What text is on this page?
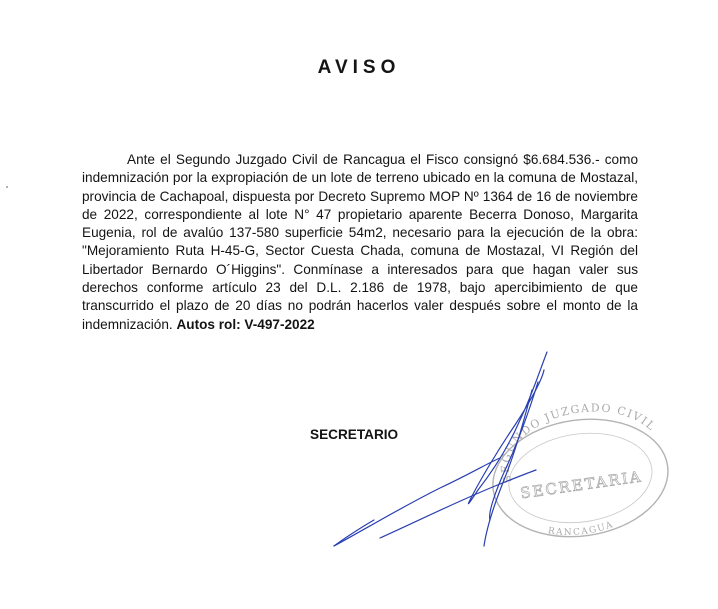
AVISO

Ante el Segundo Juzgado Civil de Rancagua el Fisco consignó $6.684.536.- como indemnización por la expropiación de un lote de terreno ubicado en la comuna de Mostazal, provincia de Cachapoal, dispuesta por Decreto Supremo MOP Nº 1364 de 16 de noviembre de 2022, correspondiente al lote N° 47 propietario aparente Becerra Donoso, Margarita Eugenia, rol de avalúo 137-580 superficie 54m2, necesario para la ejecución de la obra: "Mejoramiento Ruta H-45-G, Sector Cuesta Chada, comuna de Mostazal, VI Región del Libertador Bernardo O´Higgins". Conmínase a interesados para que hagan valer sus derechos conforme artículo 23 del D.L. 2.186 de 1978, bajo apercibimiento de que transcurrido el plazo de 20 días no podrán hacerlos valer después sobre el monto de la indemnización. Autos rol: V-497-2022

SECRETARIO

SEGUNDO JUZGADO CIVIL
SECRETARIA
RANCAGUA
